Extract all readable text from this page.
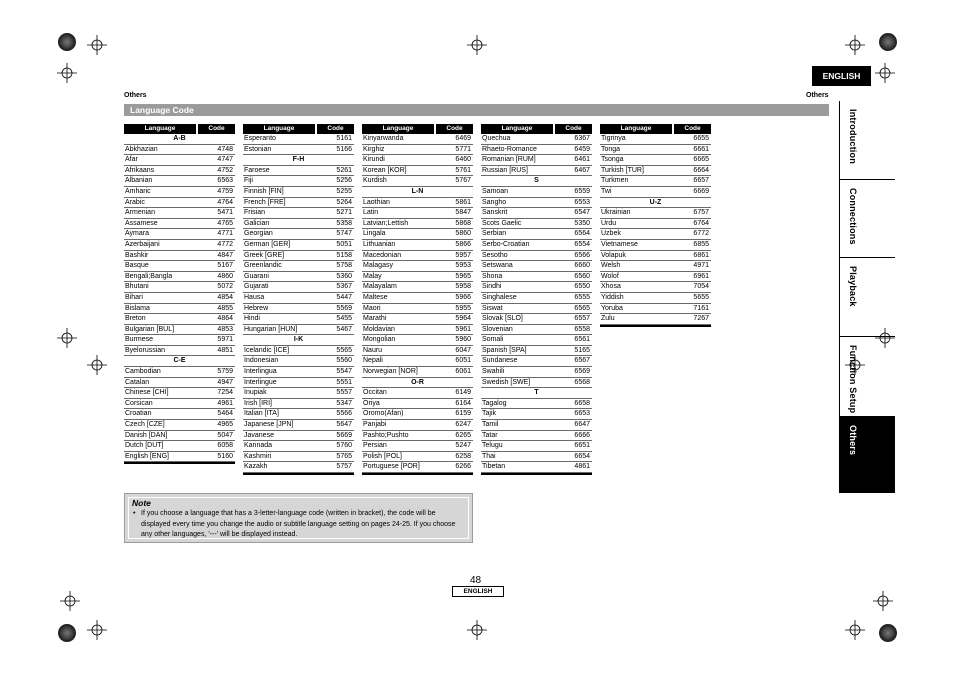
Others	Others
ENGLISH
Language Code	Introduction
Connections
Playback
Function Setup
Others
Language	Code
A-B
Abkhazian	4748
Afar	4747
Afrikaans	4752
Albanian	6563
Amharic	4759
Arabic	4764
Armenian	5471
Assamese	4765
Aymara	4771
Azerbaijani	4772
Bashkir	4847
Basque	5167
Bengali;Bangla	4860
Bhutani	5072
Bihari	4854
Bislama	4855
Breton	4864
Bulgarian [BUL]	4853
Burmese	5971
Byelorussian	4851
C-E
Cambodian	5759
Catalan	4947
Chinese [CHI]	7254
Corsican	4961
Croatian	5464
Czech [CZE]	4965
Danish [DAN]	5047
Dutch [DUT]	6058
English [ENG]	5160
Language	Code
Esperanto	5161
Estonian	5166
F-H
Faroese	5261
Fiji	5256
Finnish [FIN]	5255
French [FRE]	5264
Frisian	5271
Galician	5358
Georgian	5747
German [GER]	5051
Greek [GRE]	5158
Greenlandic	5758
Guarani	5360
Gujarati	5367
Hausa	5447
Hebrew	5569
Hindi	5455
Hungarian [HUN]	5467
I-K
Icelandic [ICE]	5565
Indonesian	5560
Interlingua	5547
Interlingue	5551
Inupiak	5557
Irish [IRI]	5347
Italian [ITA]	5566
Japanese [JPN]	5647
Javanese	5669
Kannada	5760
Kashmiri	5765
Kazakh	5757
Language	Code
Kinyarwanda	6469
Kirghiz	5771
Kirundi	6460
Korean [KOR]	5761
Kurdish	5767
L-N
Laothian	5861
Latin	5847
Latvian;Lettish	5868
Lingala	5860
Lithuanian	5866
Macedonian	5957
Malagasy	5953
Malay	5965
Malayalam	5958
Maltese	5966
Maori	5955
Marathi	5964
Moldavian	5961
Mongolian	5960
Nauru	6047
Nepali	6051
Norwegian [NOR]	6061
O-R
Occitan	6149
Oriya	6164
Oromo(Afan)	6159
Panjabi	6247
Pashto;Pushto	6265
Persian	5247
Polish [POL]	6258
Portuguese [POR]	6266
Language	Code
Quechua	6367
Rhaeto-Romance	6459
Romanian [RUM]	6461
Russian [RUS]	6467
S
Samoan	6559
Sangho	6553
Sanskrit	6547
Scots Gaelic	5350
Serbian	6564
Serbo-Croatian	6554
Sesotho	6566
Setswana	6660
Shona	6560
Sindhi	6550
Singhalese	6555
Siswat	6565
Slovak [SLO]	6557
Slovenian	6558
Somali	6561
Spanish [SPA]	5165
Sundanese	6567
Swahili	6569
Swedish [SWE]	6568
T
Tagalog	6658
Tajik	6653
Tamil	6647
Tatar	6666
Telugu	6651
Thai	6654
Tibetan	4861
Language	Code
Tigrinya	6655
Tonga	6661
Tsonga	6665
Turkish [TUR]	6664
Turkmen	6657
Twi	6669
U-Z
Ukrainian	6757
Urdu	6764
Uzbek	6772
Vietnamese	6855
Volapuk	6861
Welsh	4971
Wolof	6961
Xhosa	7054
Yiddish	5655
Yoruba	7161
Zulu	7267
Note
• If you choose a language that has a 3-letter-language code (written in bracket), the code will be displayed every time you change the audio or subtitle language setting on pages 24-25. If you choose any other languages, '---' will be displayed instead.
48
ENGLISH
